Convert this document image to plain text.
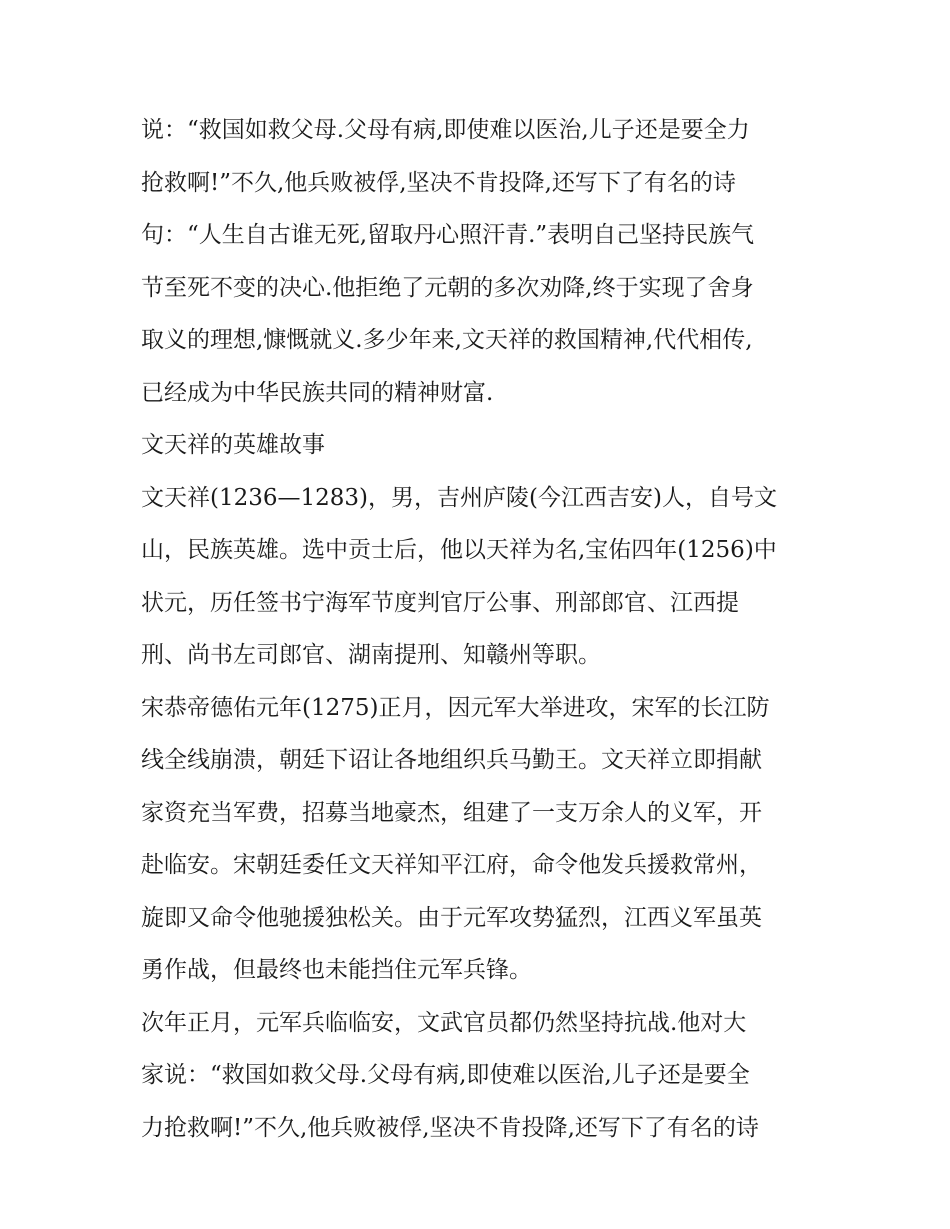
说：“救国如救父母.父母有病,即使难以医治,儿子还是要全力
抢救啊!”不久,他兵败被俘,坚决不肯投降,还写下了有名的诗
句：“人生自古谁无死,留取丹心照汗青.”表明自己坚持民族气
节至死不变的决心.他拒绝了元朝的多次劝降,终于实现了舍身
取义的理想,慷慨就义.多少年来,文天祥的救国精神,代代相传,
已经成为中华民族共同的精神财富.
文天祥的英雄故事
文天祥(1236—1283)，男，吉州庐陵(今江西吉安)人，自号文
山，民族英雄。选中贡士后，他以天祥为名,宝佑四年(1256)中
状元，历任签书宁海军节度判官厅公事、刑部郎官、江西提
刑、尚书左司郎官、湖南提刑、知赣州等职。
宋恭帝德佑元年(1275)正月，因元军大举进攻，宋军的长江防
线全线崩溃，朝廷下诏让各地组织兵马勤王。文天祥立即捐献
家资充当军费，招募当地豪杰，组建了一支万余人的义军，开
赴临安。宋朝廷委任文天祥知平江府，命令他发兵援救常州，
旋即又命令他驰援独松关。由于元军攻势猛烈，江西义军虽英
勇作战，但最终也未能挡住元军兵锋。
次年正月，元军兵临临安，文武官员都仍然坚持抗战.他对大
家说：“救国如救父母.父母有病,即使难以医治,儿子还是要全
力抢救啊!”不久,他兵败被俘,坚决不肯投降,还写下了有名的诗
